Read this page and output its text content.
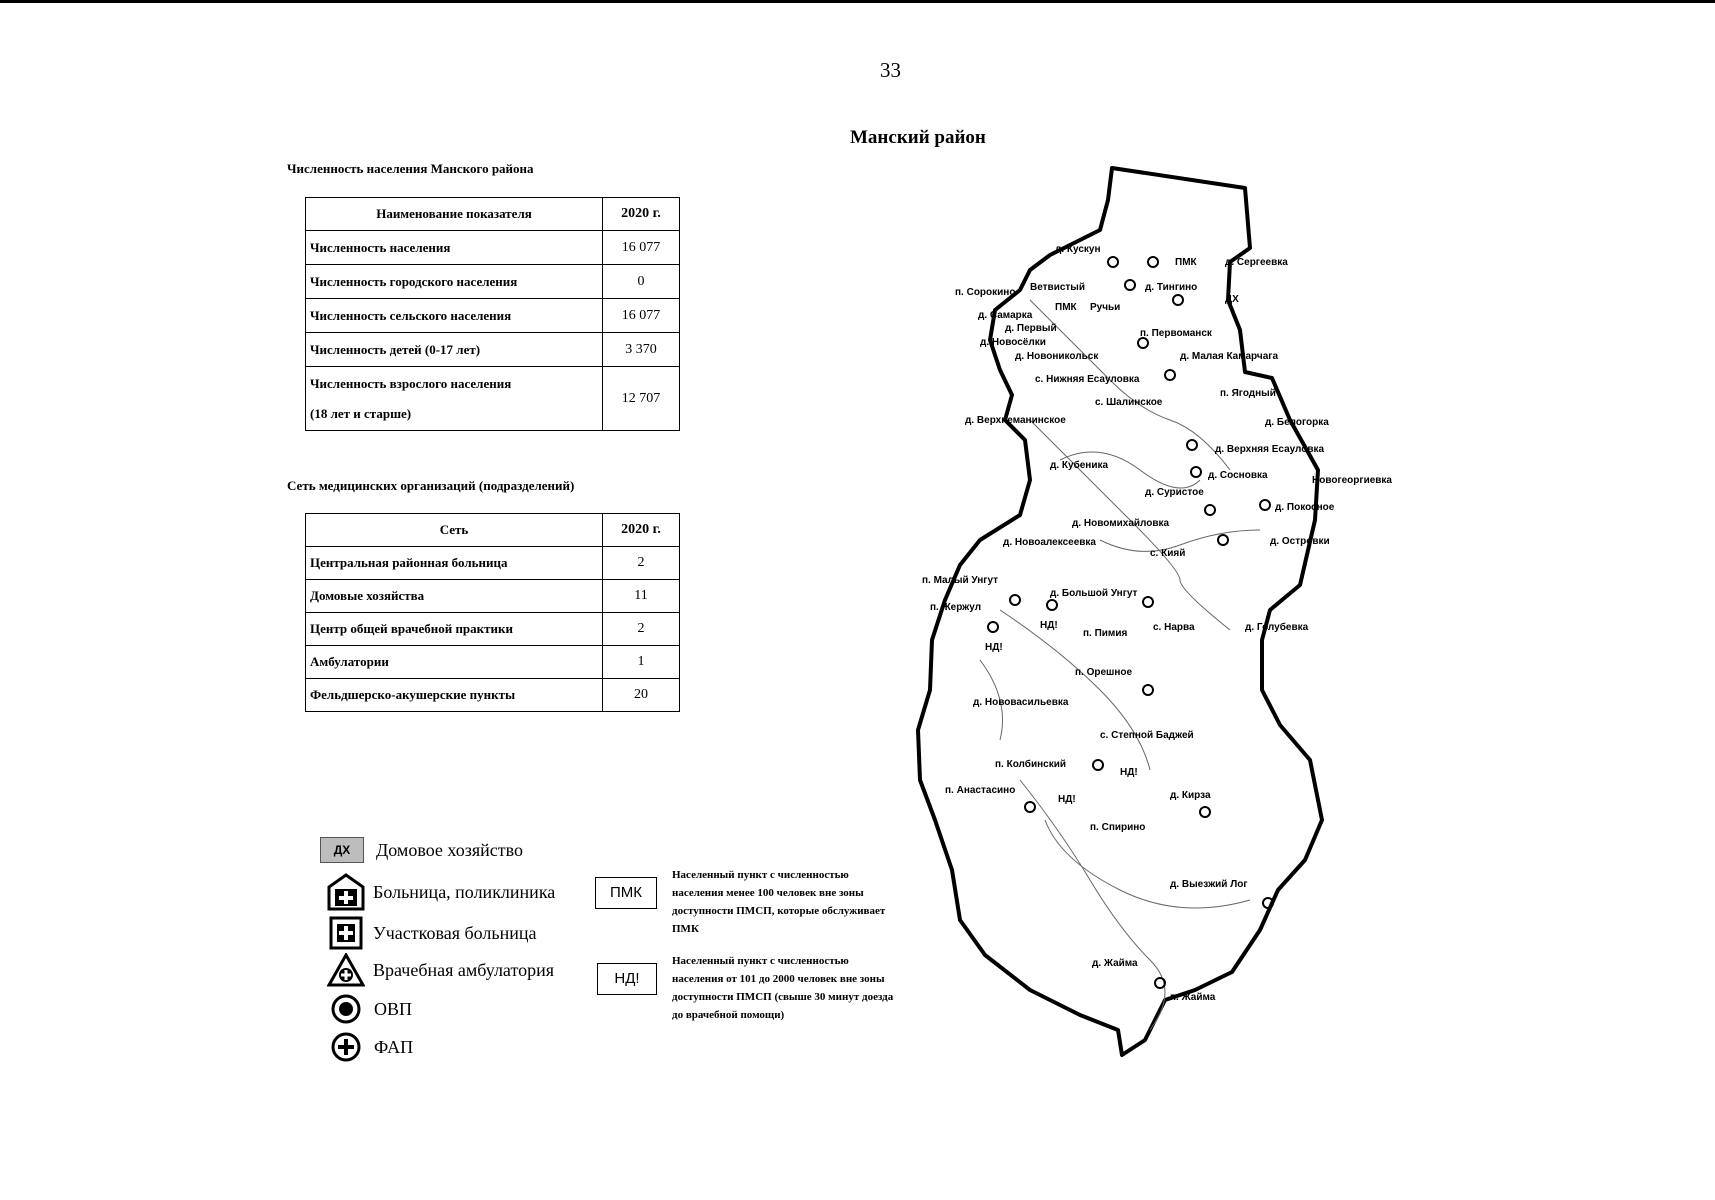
33
Манский район
Численность населения Манского района
Наименование показателя	2020 г.
Численность населения	16 077
Численность городского населения	0
Численность сельского населения	16 077
Численность детей (0-17 лет)	3 370

Численность взрослого населения
(18 лет и старше)	12 707
Сеть медицинских организаций (подразделений)
Сеть	2020 г.
Центральная районная больница	2
Домовые хозяйства	11
Центр общей врачебной практики	2
Амбулатории	1
Фельдшерско-акушерские пункты	20
ДХ	Домовое хозяйство
Больница, поликлиника
Участковая больница
Врачебная амбулатория
ОВП
ФАП
ПМК
Населенный пункт с численностью населения менее 100 человек вне зоны доступности ПМСП, которые обслуживает ПМК
НД!
Населенный пункт с численностью населения от 101 до 2000 человек вне зоны доступности ПМСП (свыше 30 минут доезда до врачебной помощи)
д. Кускун
д. Сергеевка
ПМК
ДХ
п. Сорокино Ветвистый	д. Тингино
д. Самарка
ПМК Ручьи
д. Первый	п. Первоманск
д. Новосёлки
д. Новоникольск	д. Малая Камарчага
с. Нижняя Есауловка
п. Ягодный
с. Шалинское
д. Верхнеманинское	д. Белогорка
д. Кубеника
д. Верхняя Есауловка
д. Сосновка	Новогеоргиевка
д. Суристое
д. Покосное
д. Новомихайловка
д. Островки
д. Новоалексеевка
с. Кияй
п. Малый Унгут
д. Большой Унгут
п. Жержул
НД!
НД!
п. Пимия
с. Нарва	д. Голубевка
п. Орешное
д. Нововасильевка
с. Степной Баджей
п. Колбинский
НД!
п. Анастасино
НД!	д. Кирза
п. Спирино
д. Выезжий Лог
д. Жайма
п. Жайма
